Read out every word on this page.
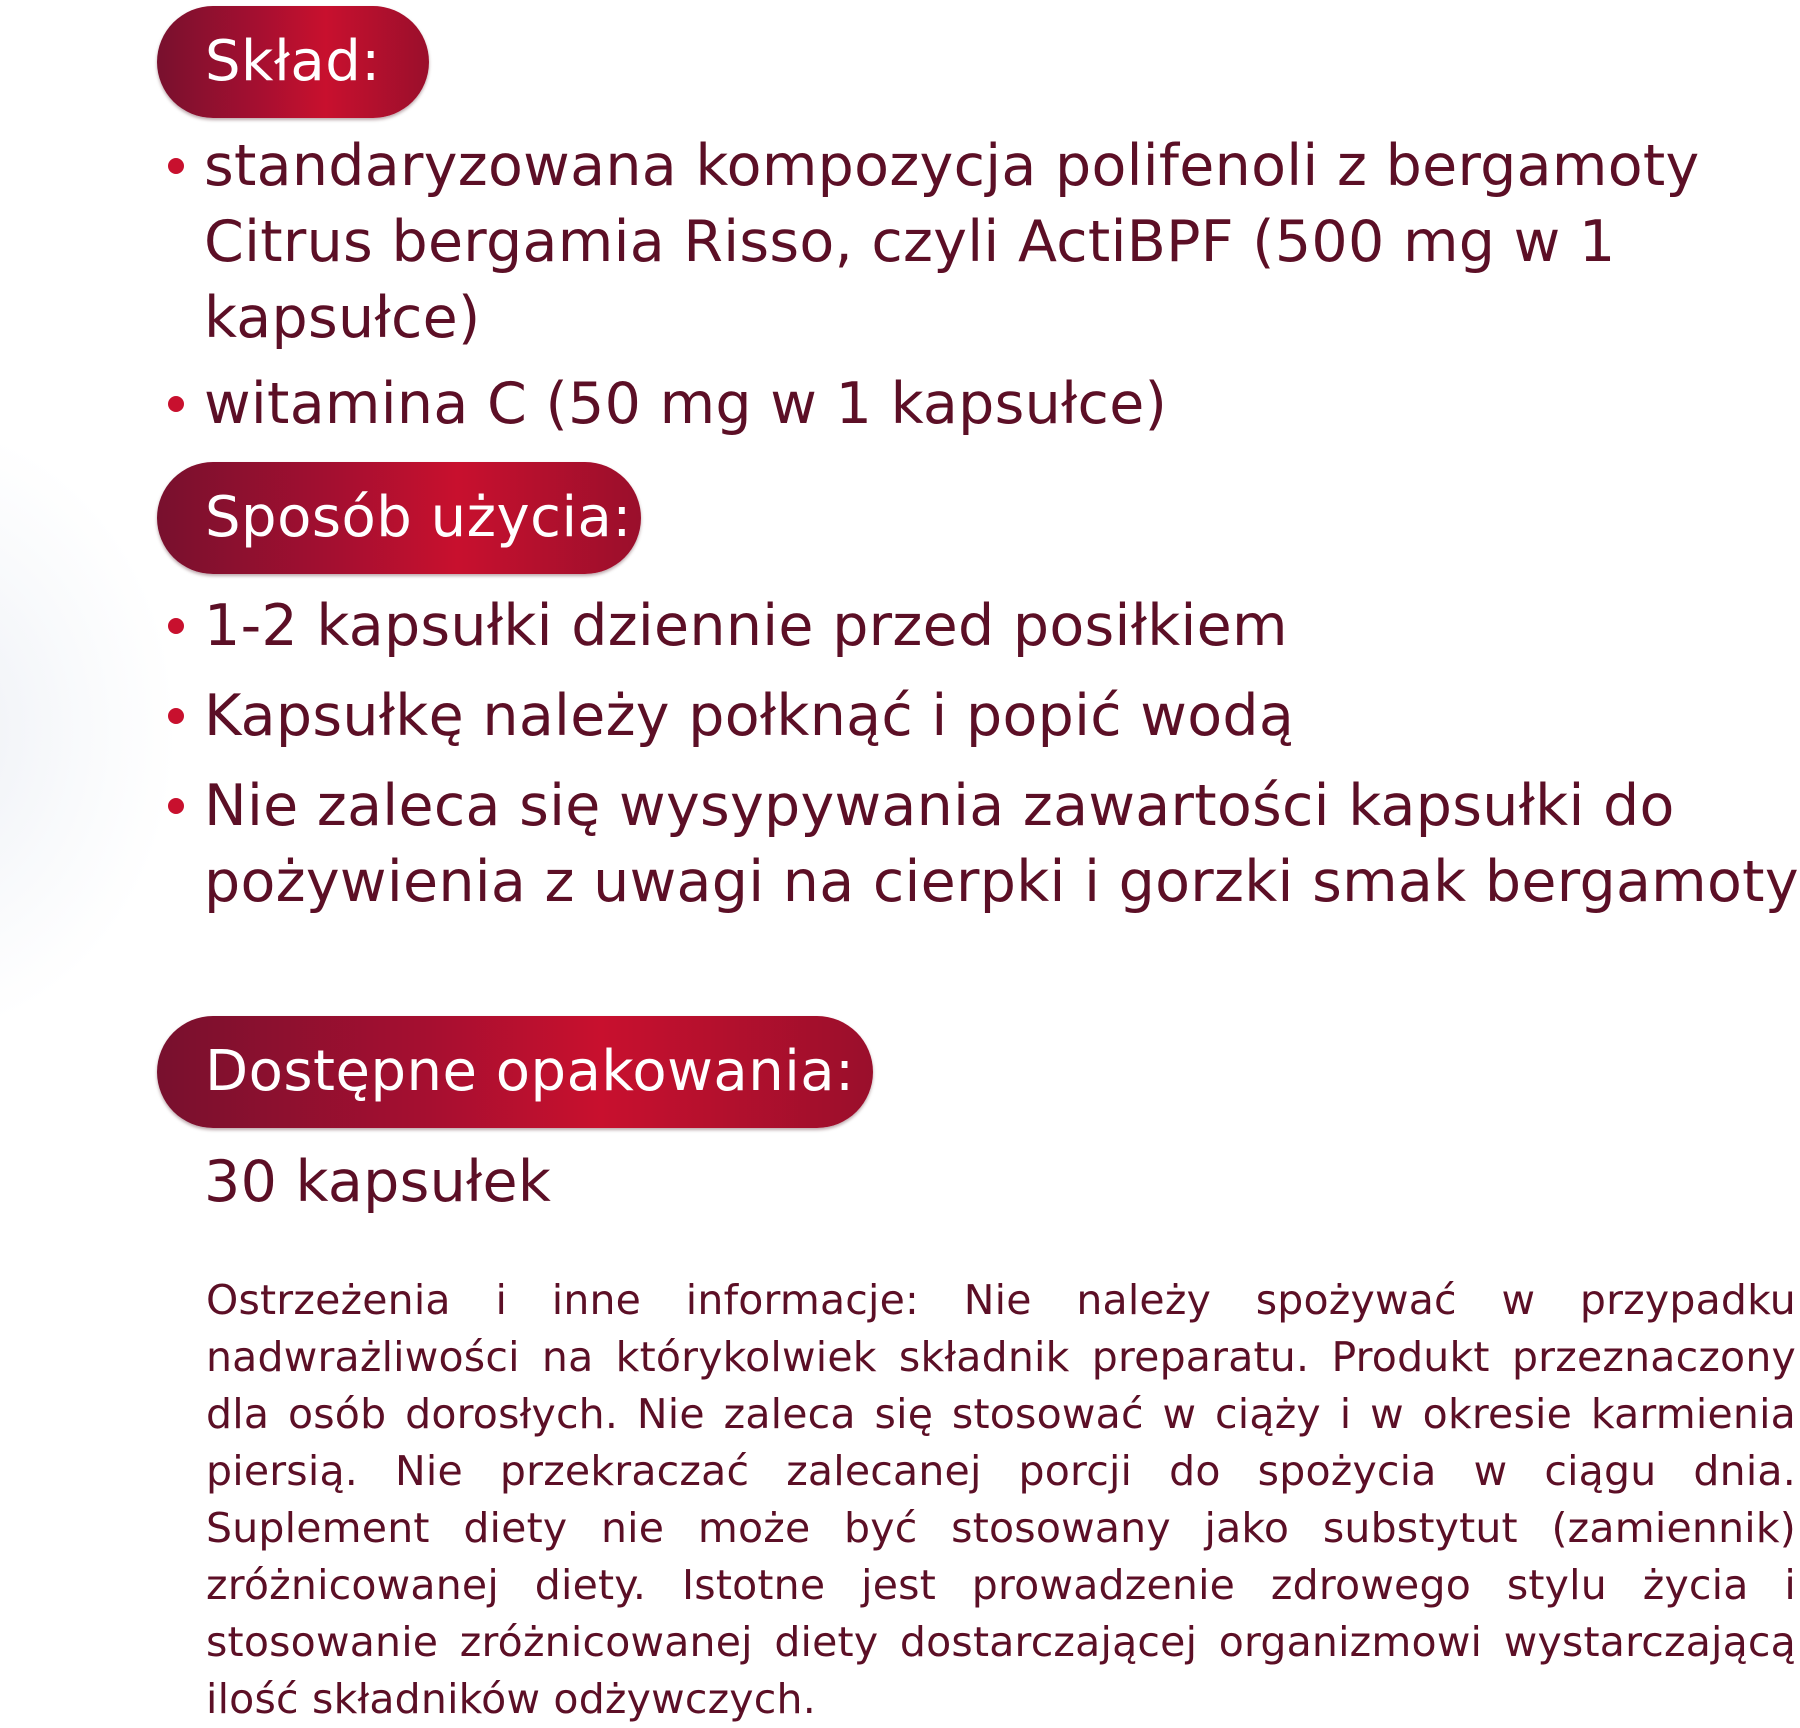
Skład:
standaryzowana kompozycja polifenoli z bergamoty Citrus bergamia Risso, czyli ActiBPF (500 mg w 1 kapsułce)
witamina C (50 mg w 1 kapsułce)
Sposób użycia:
1-2 kapsułki dziennie przed posiłkiem
Kapsułkę należy połknąć i popić wodą
Nie zaleca się wysypywania zawartości kapsułki do pożywienia z uwagi na cierpki i gorzki smak bergamoty
Dostępne opakowania:
30 kapsułek
Ostrzeżenia i inne informacje: Nie należy spożywać w przypadku nadwrażliwości na którykolwiek składnik preparatu. Produkt przeznaczony dla osób dorosłych. Nie zaleca się stosować w ciąży i w okresie karmienia piersią. Nie przekraczać zalecanej porcji do spożycia w ciągu dnia. Suplement diety nie może być stosowany jako substytut (zamiennik) zróżnicowanej diety. Istotne jest prowadzenie zdrowego stylu życia i stosowanie zróżnicowanej diety dostarczającej organizmowi wystarczającą ilość składników odżywczych.
